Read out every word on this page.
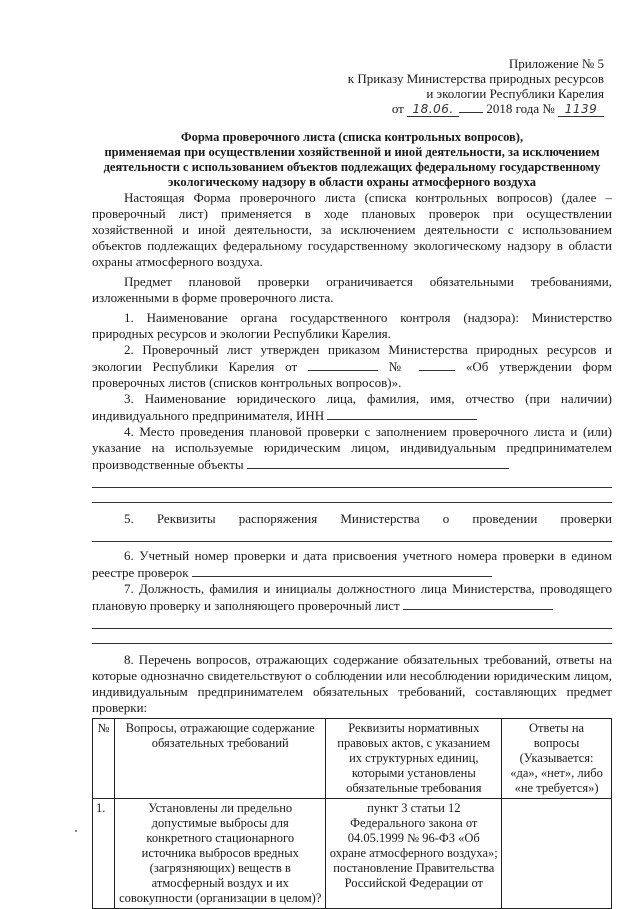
Приложение № 5
к Приказу Министерства природных ресурсов
и экологии Республики Карелия
от 18.06.	2018 года № 1139
Форма проверочного листа (списка контрольных вопросов),
применяемая при осуществлении хозяйственной и иной деятельности, за исключением деятельности с использованием объектов подлежащих федеральному государственному экологическому надзору в области охраны атмосферного воздуха

Настоящая Форма проверочного листа (списка контрольных вопросов) (далее – проверочный лист) применяется в ходе плановых проверок при осуществлении хозяйственной и иной деятельности, за исключением деятельности с использованием объектов подлежащих федеральному государственному экологическому надзору в области охраны атмосферного воздуха.

Предмет плановой проверки ограничивается обязательными требованиями, изложенными в форме проверочного листа.

1. Наименование органа государственного контроля (надзора): Министерство природных ресурсов и экологии Республики Карелия.

2. Проверочный лист утвержден приказом Министерства природных ресурсов и экологии Республики Карелия от	№	«Об утверждении форм проверочных листов (списков контрольных вопросов)».

3. Наименование юридического лица, фамилия, имя, отчество (при наличии) индивидуального предпринимателя, ИНН

4. Место проведения плановой проверки с заполнением проверочного листа и (или) указание на используемые юридическим лицом, индивидуальным предпринимателем производственные объекты

5. Реквизиты распоряжения Министерства о проведении проверки

6. Учетный номер проверки и дата присвоения учетного номера проверки в едином реестре проверок

7. Должность, фамилия и инициалы должностного лица Министерства, проводящего плановую проверку и заполняющего проверочный лист

8. Перечень вопросов, отражающих содержание обязательных требований, ответы на которые однозначно свидетельствуют о соблюдении или несоблюдении юридическим лицом, индивидуальным предпринимателем обязательных требований, составляющих предмет проверки:

№	Вопросы, отражающие содержание обязательных требований	Реквизиты нормативных правовых актов, с указанием их структурных единиц, которыми установлены обязательные требования	Ответы на вопросы (Указывается: «да», «нет», либо «не требуется»)
1.	Установлены ли предельно допустимые выбросы для конкретного стационарного источника выбросов вредных (загрязняющих) веществ в атмосферный воздух и их совокупности (организации в целом)?	пункт 3 статьи 12 Федерального закона от 04.05.1999 № 96-ФЗ «Об охране атмосферного воздуха»; постановление Правительства Российской Федерации от	
